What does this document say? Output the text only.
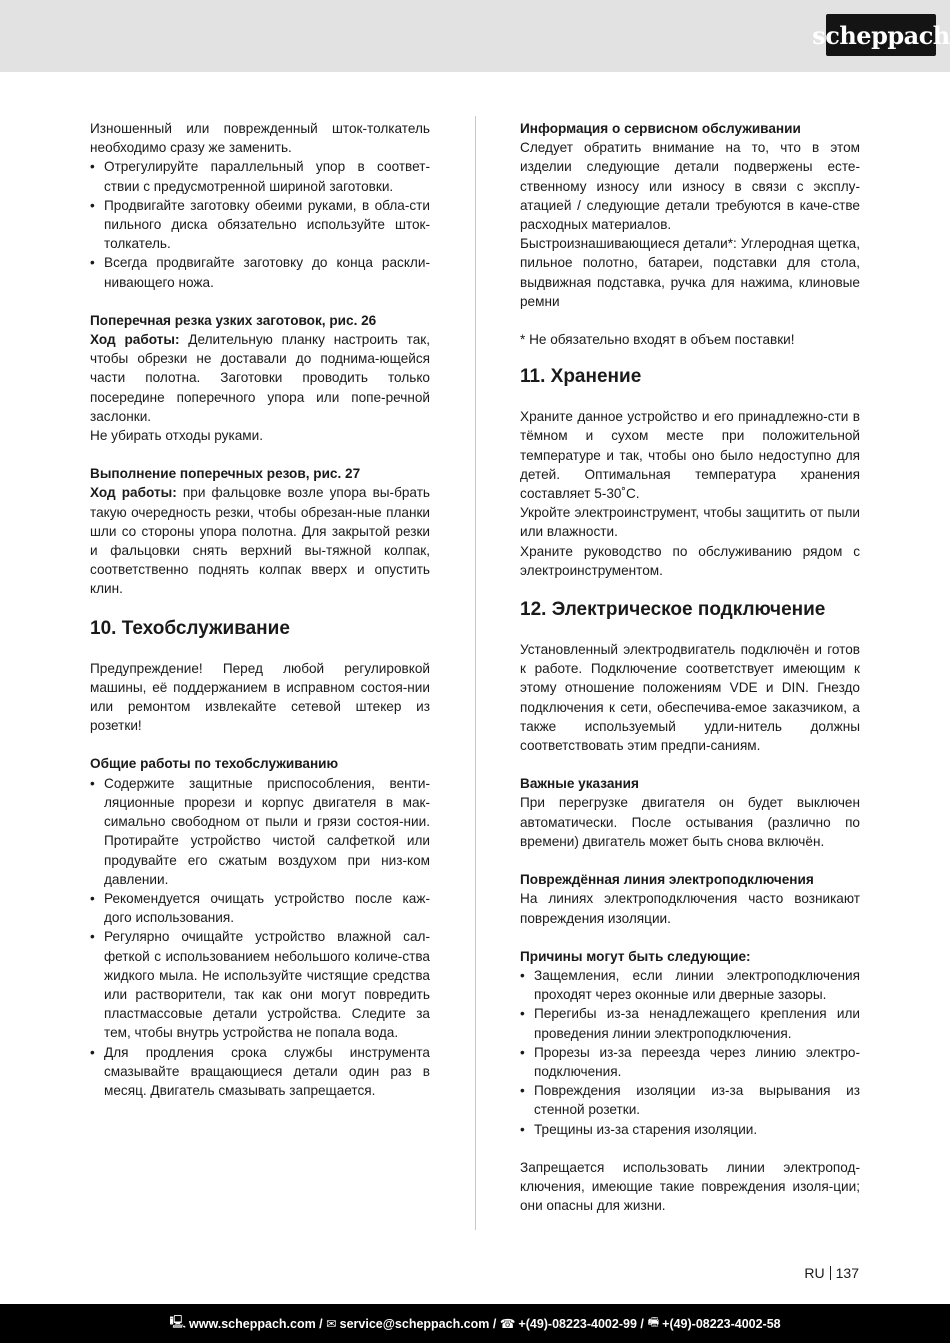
scheppach

Изношенный или поврежденный шток-толкатель необходимо сразу же заменить.

• Отрегулируйте параллельный упор в соответ-ствии с предусмотренной шириной заготовки.
• Продвигайте заготовку обеими руками, в обла-сти пильного диска обязательно используйте шток-толкатель.
• Всегда продвигайте заготовку до конца раскли-нивающего ножа.

Поперечная резка узких заготовок, рис. 26

Ход работы: Делительную планку настроить так, чтобы обрезки не доставали до поднима-ющейся части полотна. Заготовки проводить только посередине поперечного упора или попе-речной заслонки.

Не убирать отходы руками.

Выполнение поперечных резов, рис. 27

Ход работы: при фальцовке возле упора вы-брать такую очередность резки, чтобы обрезан-ные планки шли со стороны упора полотна. Для закрытой резки и фальцовки снять верхний вы-тяжной колпак, соответственно поднять колпак вверх и опустить клин.

10. Техобслуживание

Предупреждение! Перед любой регулировкой машины, её поддержанием в исправном состоя-нии или ремонтом извлекайте сетевой штекер из розетки!

Общие работы по техобслуживанию

• Содержите защитные приспособления, венти-ляционные прорези и корпус двигателя в мак-симально свободном от пыли и грязи состоя-нии. Протирайте устройство чистой салфеткой или продувайте его сжатым воздухом при низ-ком давлении.
• Рекомендуется очищать устройство после каж-дого использования.
• Регулярно очищайте устройство влажной сал-феткой с использованием небольшого количе-ства жидкого мыла. Не используйте чистящие средства или растворители, так как они могут повредить пластмассовые детали устройства. Следите за тем, чтобы внутрь устройства не попала вода.
• Для продления срока службы инструмента смазывайте вращающиеся детали один раз в месяц. Двигатель смазывать запрещается.

Информация о сервисном обслуживании

Следует обратить внимание на то, что в этом изделии следующие детали подвержены есте-ственному износу или износу в связи с эксплу-атацией / следующие детали требуются в каче-стве расходных материалов.

Быстроизнашивающиеся детали*: Углеродная щетка, пильное полотно, батареи, подставки для стола, выдвижная подставка, ручка для нажима, клиновые ремни

* Не обязательно входят в объем поставки!

11. Хранение

Храните данное устройство и его принадлежно-сти в тёмном и сухом месте при положительной температуре и так, чтобы оно было недоступно для детей. Оптимальная температура хранения составляет 5-30˚C.

Укройте электроинструмент, чтобы защитить от пыли или влажности.

Храните руководство по обслуживанию рядом с электроинструментом.

12. Электрическое подключение

Установленный электродвигатель подключён и готов к работе. Подключение соответствует имеющим к этому отношение положениям VDE и DIN. Гнездо подключения к сети, обеспечива-емое заказчиком, а также используемый удли-нитель должны соответствовать этим предпи-саниям.

Важные указания

При перегрузке двигателя он будет выключен автоматически. После остывания (различно по времени) двигатель может быть снова включён.

Повреждённая линия электроподключения

На линиях электроподключения часто возникают повреждения изоляции.

Причины могут быть следующие:

• Защемления, если линии электроподключения проходят через оконные или дверные зазоры.
• Перегибы из-за ненадлежащего крепления или проведения линии электроподключения.
• Прорезы из-за переезда через линию электро-подключения.
• Повреждения изоляции из-за вырывания из стенной розетки.
• Трещины из-за старения изоляции.

Запрещается использовать линии электропод-ключения, имеющие такие повреждения изоля-ции; они опасны для жизни.

RU 137
🖳 www.scheppach.com /
✉ service@scheppach.com /
☎ +(49)-08223-4002-99 /
🖷 +(49)-08223-4002-58
